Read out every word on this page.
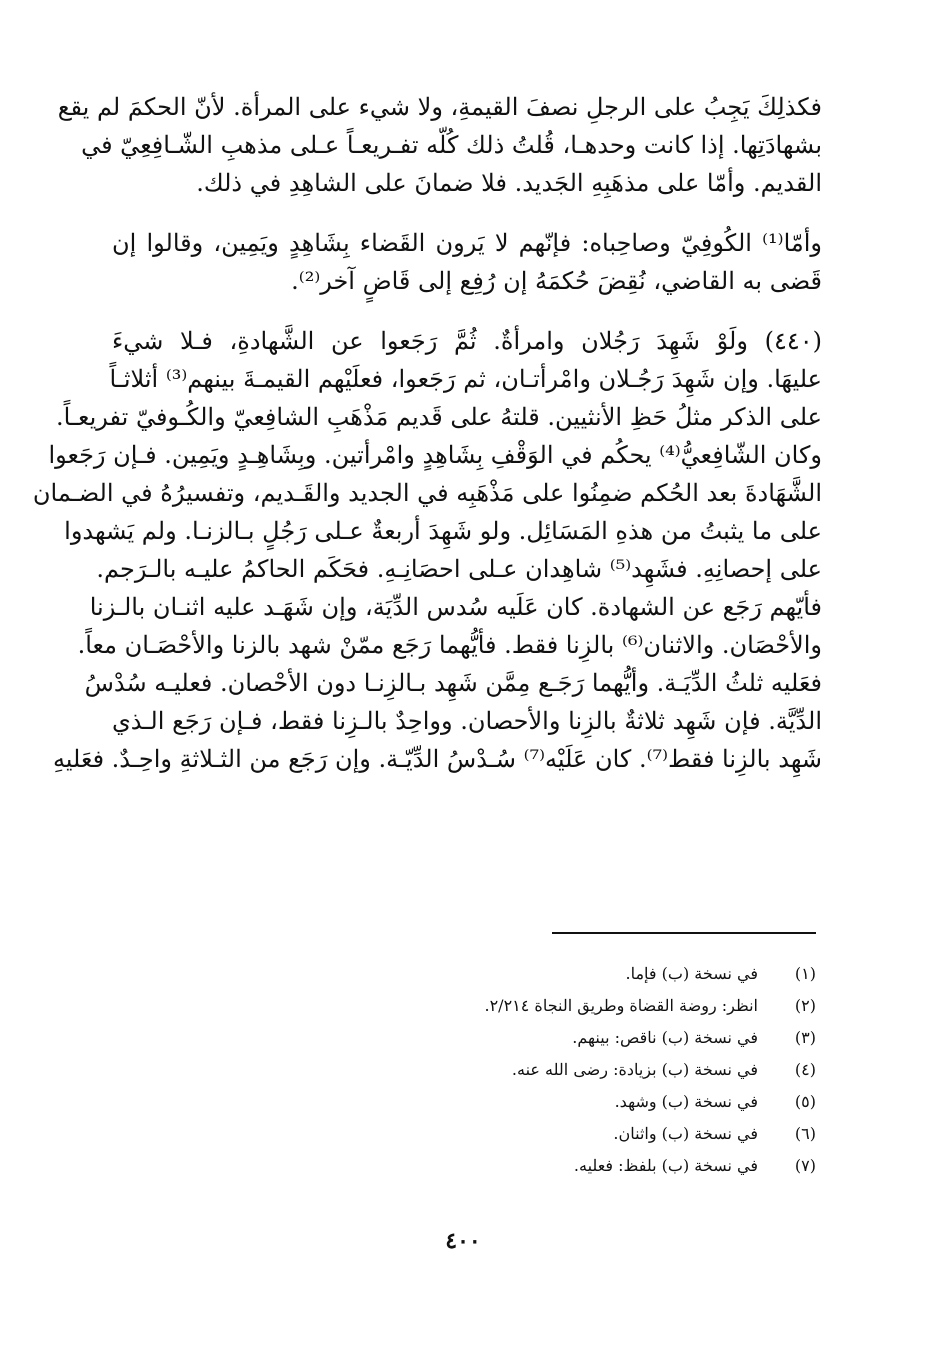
فكذلِكَ يَجِبُ على الرجلِ نصفَ القيمةِ، ولا شيء على المرأة. لأنّ الحكمَ لم يقع
بشهادَتِها. إذا كانت وحدهـا، قُلتُ ذلك كُلّه تفـريعـاً عـلى مذهبِ الشّـافِعِيّ في
القديم. وأمّا على مذهَبِهِ الجَديد. فلا ضمانَ على الشاهِدِ في ذلك.
وأمّا⁽¹⁾ الكُوفِيّ وصاحِباه: فإنّهم لا يَرون القَضاء بِشَاهِدٍ ويَمِين، وقالوا إن
قَضى به القاضي، نُقِضَ حُكمَهُ إن رُفِع إلى قَاضٍ آخر⁽²⁾.
(٤٤٠) ولَوْ شَهِدَ رَجُلان وامرأةٌ. ثُمَّ رَجَعوا عن الشَّهادةِ، فـلا شيءَ
عليهَا. وإن شَهِدَ رَجُـلان وامْرأتـان، ثم رَجَعوا، فعلَيْهم القيمـةَ بينهم⁽³⁾ أثلاثـاً
على الذكر مثلُ حَظِ الأنثيين. قلتهُ على قَديم مَذْهَبِ الشافِعيّ والكُـوفيّ تفريعـاً.
وكان الشّافِعيُّ⁽⁴⁾ يحكُم في الوَقْفِ بِشَاهِدٍ وامْرأتين. وبِشَاهِـدٍ ويَمِين. فـإن رَجَعوا
الشَّهَادةَ بعد الحُكم ضمِنُوا على مَذْهَبِه في الجديد والقَـديم، وتفسيرُهُ في الضـمان
على ما يثبتُ من هذهِ المَسَائِل. ولو شَهِدَ أربعةٌ عـلى رَجُلٍ بـالزنـا. ولم يَشهدوا
على إحصانِهِ. فشَهِد⁽⁵⁾ شاهِدان عـلى احصَانِـهِ. فحَكَم الحاكمُ عليـه بالـرَجم.
فأيّهم رَجَع عن الشهادة. كان عَلَيه سُدس الدِّيَة، وإن شَهَـد عليه اثنـان بالـزنا
والأحْصَان. والاثنان⁽⁶⁾ بالزِنا فقط. فأيُّهما رَجَع ممّنْ شهد بالزنا والأحْصَـان معاً.
فعَليه ثلثُ الدِّيَـة. وأيُّهما رَجَـع مِمَّن شَهِد بـالزِنـا دون الأحْصان. فعليـه سُدْسُ
الدِّيَّة. فإن شَهِد ثلاثةٌ بالزِنا والأحصان. وواحِدٌ بالـزِنا فقط، فـإن رَجَع الـذي
شَهِد بالزِنا فقط⁽⁷⁾. كان عَلَيْه⁽⁷⁾ سُـدْسُ الدِّيّـة. وإن رَجَع من الثـلاثةِ واحِـدٌ. فعَليهِ
(١)
في نسخة (ب) فإما.
(٢)
انظر: روضة القضاة وطريق النجاة ٢/٢١٤.
(٣)
في نسخة (ب) ناقص: بينهم.
(٤)
في نسخة (ب) بزيادة: رضى الله عنه.
(٥)
في نسخة (ب) وشهد.
(٦)
في نسخة (ب) واثنان.
(٧)
في نسخة (ب) بلفظ: فعليه.
٤٠٠
